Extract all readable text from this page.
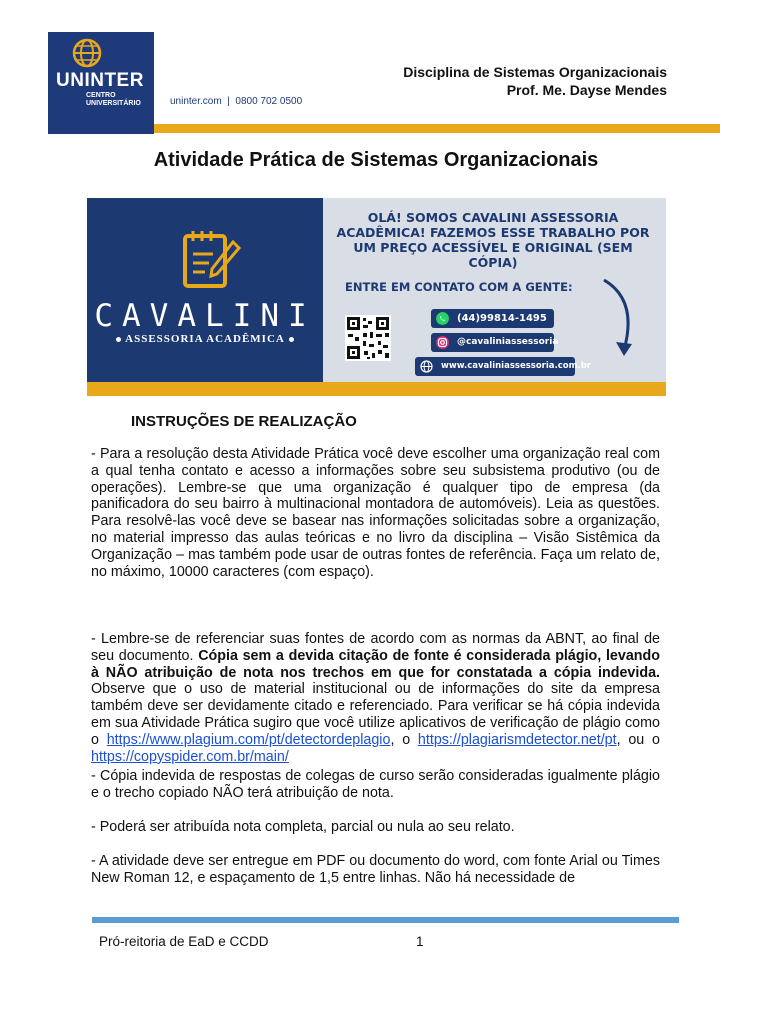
UNINTER
CENTRO UNIVERSITÁRIO	uninter.com  |  0800 702 0500
Disciplina de Sistemas Organizacionais
Prof. Me. Dayse Mendes
Atividade Prática de Sistemas Organizacionais
CAVALINI
ASSESSORIA ACADÊMICA
OLÁ! SOMOS CAVALINI ASSESSORIA ACADÊMICA! FAZEMOS ESSE TRABALHO POR UM PREÇO ACESSÍVEL E ORIGINAL (SEM CÓPIA)
ENTRE EM CONTATO COM A GENTE:
(44)99814-1495
@cavaliniassessoria
www.cavaliniassessoria.com.br
INSTRUÇÕES DE REALIZAÇÃO

- Para a resolução desta Atividade Prática você deve escolher uma organização real com a qual tenha contato e acesso a informações sobre seu subsistema produtivo (ou de operações). Lembre-se que uma organização é qualquer tipo de empresa (da panificadora do seu bairro à multinacional montadora de automóveis). Leia as questões. Para resolvê-las você deve se basear nas informações solicitadas sobre a organização, no material impresso das aulas teóricas e no livro da disciplina – Visão Sistêmica da Organização – mas também pode usar de outras fontes de referência. Faça um relato de, no máximo, 10000 caracteres (com espaço).

- Lembre-se de referenciar suas fontes de acordo com as normas da ABNT, ao final de seu documento. Cópia sem a devida citação de fonte é considerada plágio, levando à NÃO atribuição de nota nos trechos em que for constatada a cópia indevida. Observe que o uso de material institucional ou de informações do site da empresa também deve ser devidamente citado e referenciado. Para verificar se há cópia indevida em sua Atividade Prática sugiro que você utilize aplicativos de verificação de plágio como o https://www.plagium.com/pt/detectordeplagio, o https://plagiarismdetector.net/pt, ou o https://copyspider.com.br/main/

- Cópia indevida de respostas de colegas de curso serão consideradas igualmente plágio e o trecho copiado NÃO terá atribuição de nota.

- Poderá ser atribuída nota completa, parcial ou nula ao seu relato.

- A atividade deve ser entregue em PDF ou documento do word, com fonte Arial ou Times New Roman 12, e espaçamento de 1,5 entre linhas. Não há necessidade de

Pró-reitoria de EaD e CCDD	1
